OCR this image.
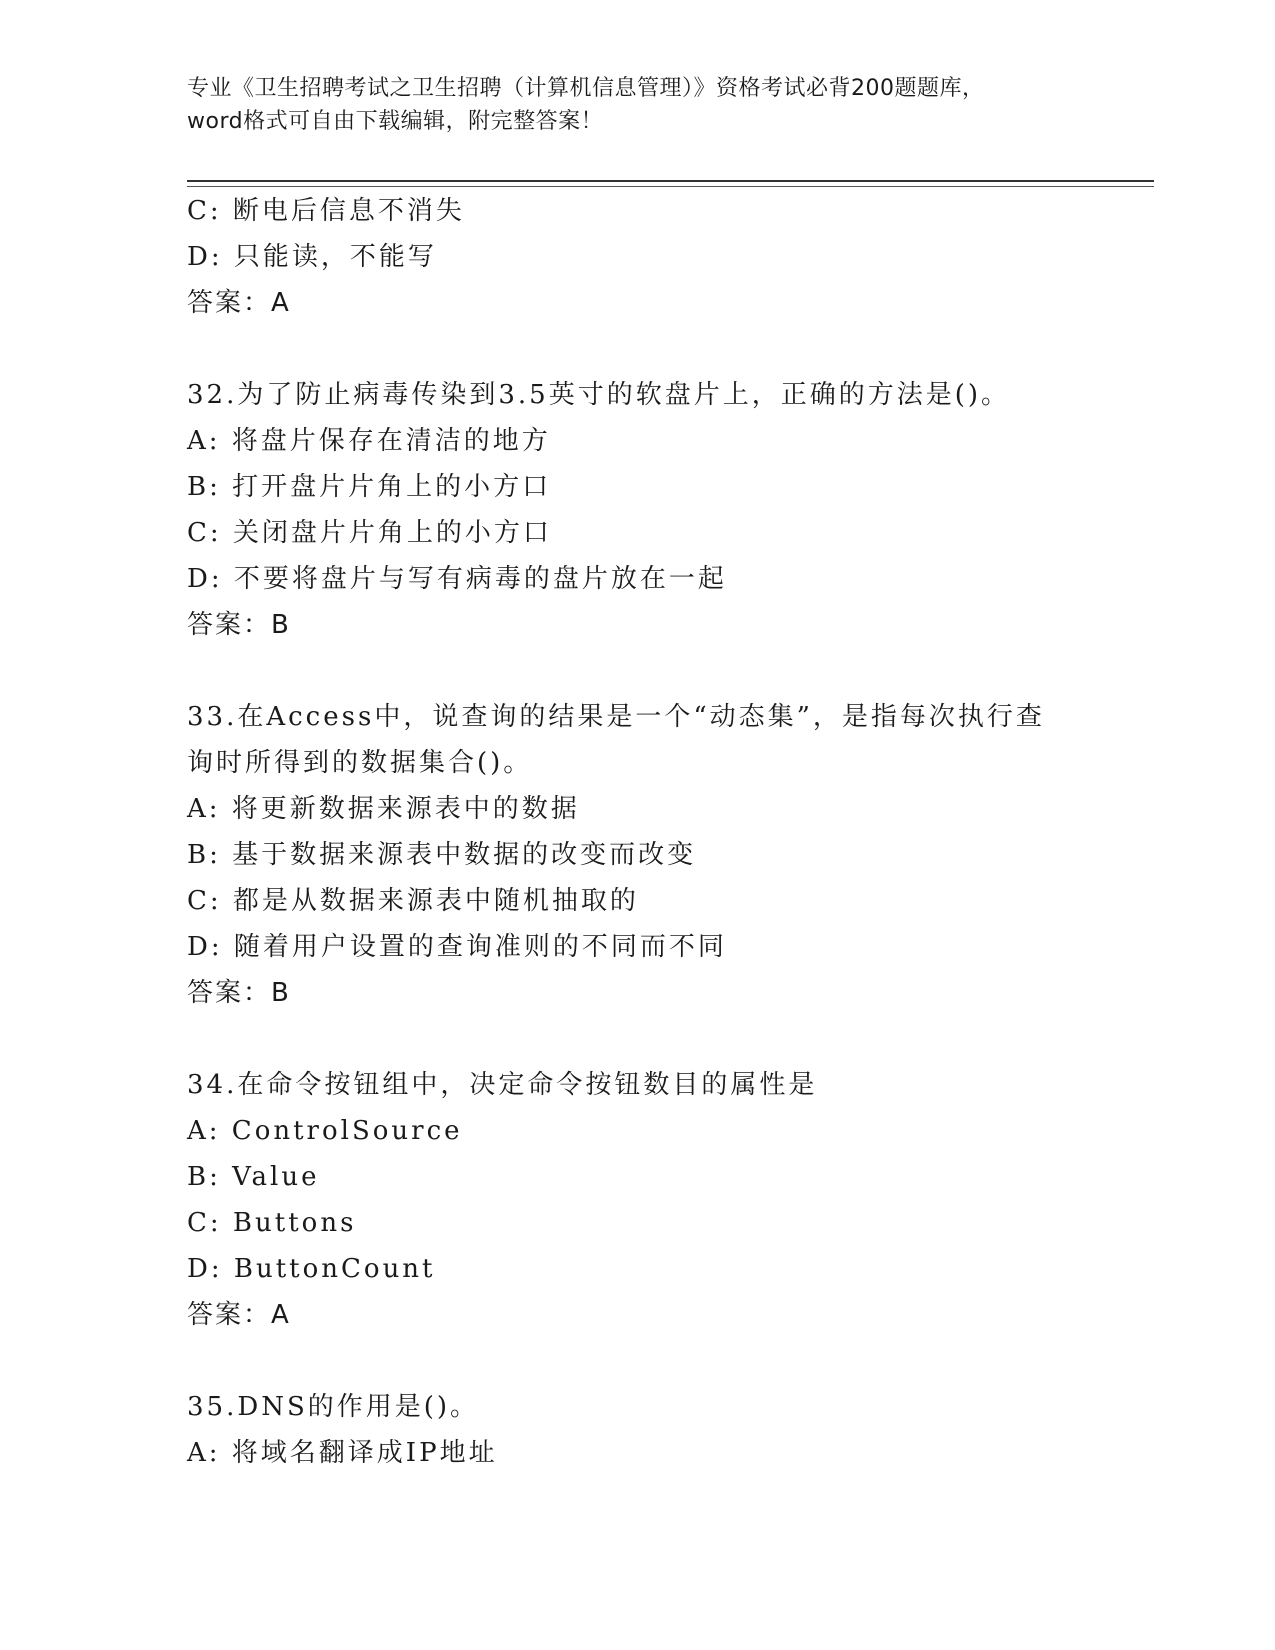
专业《卫生招聘考试之卫生招聘（计算机信息管理）》资格考试必背200题题库，
word格式可自由下载编辑，附完整答案！
C: 断电后信息不消失
D: 只能读，不能写
答案：A
32.为了防止病毒传染到3.5英寸的软盘片上，正确的方法是()。
A: 将盘片保存在清洁的地方
B: 打开盘片片角上的小方口
C: 关闭盘片片角上的小方口
D: 不要将盘片与写有病毒的盘片放在一起
答案：B
33.在Access中，说查询的结果是一个“动态集”，是指每次执行查
询时所得到的数据集合()。
A: 将更新数据来源表中的数据
B: 基于数据来源表中数据的改变而改变
C: 都是从数据来源表中随机抽取的
D: 随着用户设置的查询准则的不同而不同
答案：B
34.在命令按钮组中，决定命令按钮数目的属性是
A: ControlSource
B: Value
C: Buttons
D: ButtonCount
答案：A
35.DNS的作用是()。
A: 将域名翻译成IP地址
